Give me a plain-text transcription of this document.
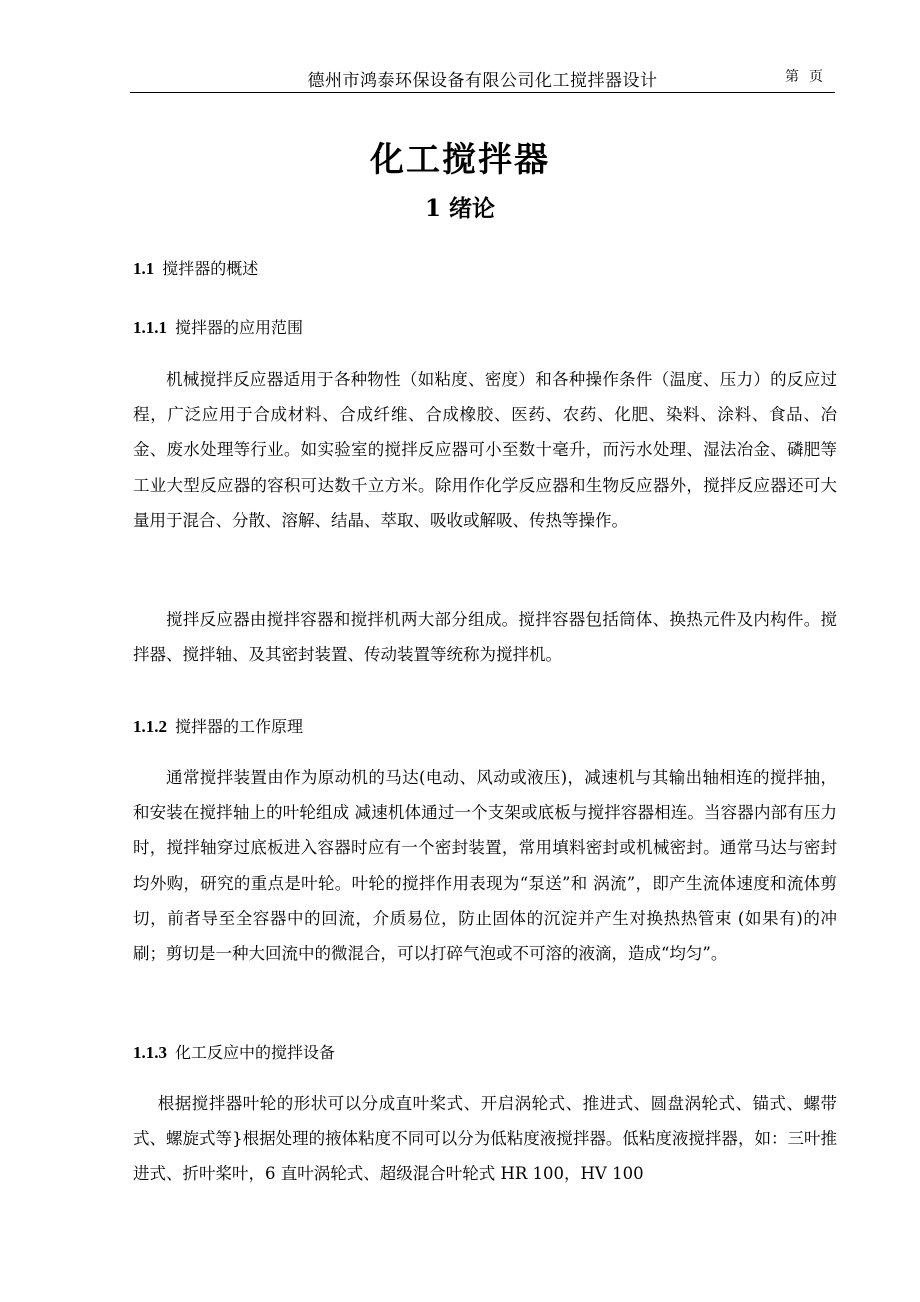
德州市鸿泰环保设备有限公司化工搅拌器设计	第页
化工搅拌器
1 绪论
1.1 搅拌器的概述
1.1.1 搅拌器的应用范围

机械搅拌反应器适用于各种物性（如粘度、密度）和各种操作条件（温度、压力）的反应过程，广泛应用于合成材料、合成纤维、合成橡胶、医药、农药、化肥、染料、涂料、食品、冶金、废水处理等行业。如实验室的搅拌反应器可小至数十毫升，而污水处理、湿法冶金、磷肥等工业大型反应器的容积可达数千立方米。除用作化学反应器和生物反应器外，搅拌反应器还可大量用于混合、分散、溶解、结晶、萃取、吸收或解吸、传热等操作。

搅拌反应器由搅拌容器和搅拌机两大部分组成。搅拌容器包括筒体、换热元件及内构件。搅拌器、搅拌轴、及其密封装置、传动装置等统称为搅拌机。

1.1.2 搅拌器的工作原理

通常搅拌装置由作为原动机的马达(电动、风动或液压)，减速机与其输出轴相连的搅拌抽，和安装在搅拌轴上的叶轮组成 减速机体通过一个支架或底板与搅拌容器相连。当容器内部有压力时，搅拌轴穿过底板进入容器时应有一个密封装置，常用填料密封或机械密封。通常马达与密封均外购，研究的重点是叶轮。叶轮的搅拌作用表现为“泵送”和 涡流”，即产生流体速度和流体剪切，前者导至全容器中的回流，介质易位，防止固体的沉淀并产生对换热热管束 (如果有)的冲刷；剪切是一种大回流中的微混合，可以打碎气泡或不可溶的液滴，造成“均匀”。

1.1.3 化工反应中的搅拌设备

根据搅拌器叶轮的形状可以分成直叶桨式、开启涡轮式、推进式、圆盘涡轮式、锚式、螺带式、螺旋式等}根据处理的掖体粘度不同可以分为低粘度液搅拌器。低粘度液搅拌器，如：三叶推进式、折叶桨叶，6 直叶涡轮式、超级混合叶轮式 HR 100，HV 100
